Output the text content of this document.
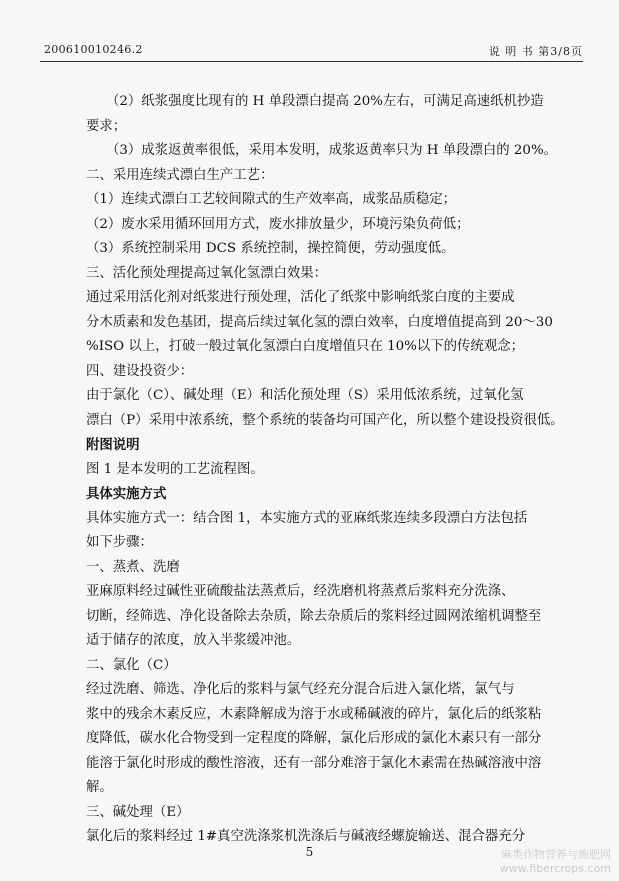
200610010246.2	说 明 书 第3/8页
（2）纸浆强度比现有的 H 单段漂白提高 20%左右，可满足高速纸机抄造
要求；
（3）成浆返黄率很低，采用本发明，成浆返黄率只为 H 单段漂白的 20%。
二、采用连续式漂白生产工艺：
（1）连续式漂白工艺较间隙式的生产效率高，成浆品质稳定；
（2）废水采用循环回用方式，废水排放量少，环境污染负荷低；
（3）系统控制采用 DCS 系统控制，操控简便，劳动强度低。
三、活化预处理提高过氧化氢漂白效果：
通过采用活化剂对纸浆进行预处理，活化了纸浆中影响纸浆白度的主要成
分木质素和发色基团，提高后续过氧化氢的漂白效率，白度增值提高到 20～30
%ISO 以上，打破一般过氧化氢漂白白度增值只在 10%以下的传统观念；
四、建设投资少：
由于氯化（C）、碱处理（E）和活化预处理（S）采用低浓系统，过氧化氢
漂白（P）采用中浓系统，整个系统的装备均可国产化，所以整个建设投资很低。
附图说明
图 1 是本发明的工艺流程图。
具体实施方式
具体实施方式一：结合图 1，本实施方式的亚麻纸浆连续多段漂白方法包括
如下步骤：
一、蒸煮、洗磨
亚麻原料经过碱性亚硫酸盐法蒸煮后，经洗磨机将蒸煮后浆料充分洗涤、
切断，经筛选、净化设备除去杂质，除去杂质后的浆料经过圆网浓缩机调整至
适于储存的浓度，放入半浆缓冲池。
二、氯化（C）
经过洗磨、筛选、净化后的浆料与氯气经充分混合后进入氯化塔，氯气与
浆中的残余木素反应，木素降解成为溶于水或稀碱液的碎片，氯化后的纸浆粘
度降低，碳水化合物受到一定程度的降解，氯化后形成的氯化木素只有一部分
能溶于氯化时形成的酸性溶液，还有一部分难溶于氯化木素需在热碱溶液中溶
解。
三、碱处理（E）
氯化后的浆料经过 1#真空洗涤浆机洗涤后与碱液经螺旋输送、混合器充分
5	麻类作物营养与施肥网
www.fibercrops.com
